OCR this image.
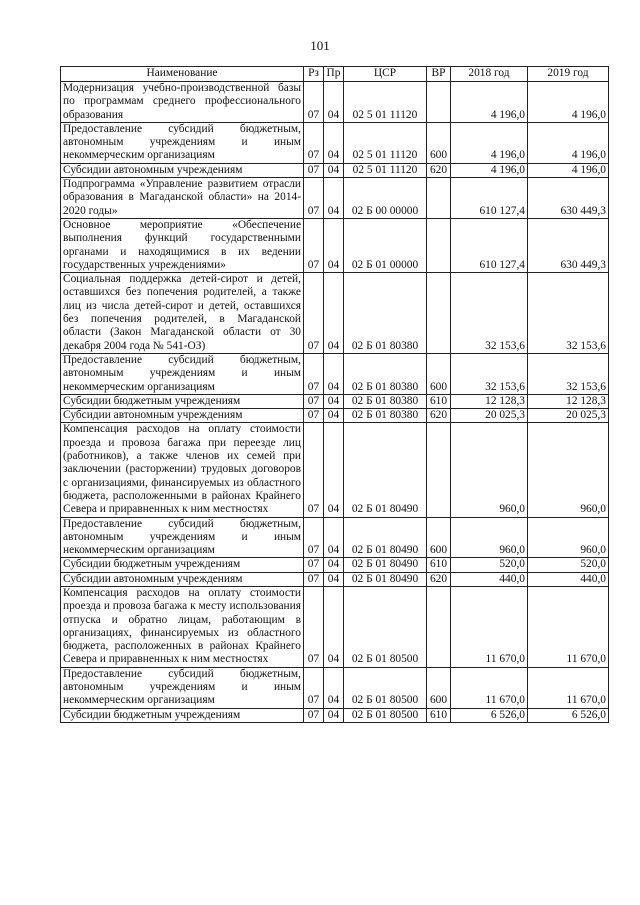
101
Наименование	Рз	Пр	ЦСР	ВР	2018 год	2019 год
Модернизация учебно-производственной базы по программам среднего профессионального образования	07	04	02 5 01 11120		4 196,0	4 196,0
Предоставление субсидий бюджетным, автономным учреждениям и иным некоммерческим организациям	07	04	02 5 01 11120	600	4 196,0	4 196,0
Субсидии автономным учреждениям	07	04	02 5 01 11120	620	4 196,0	4 196,0
Подпрограмма «Управление развитием отрасли образования в Магаданской области» на 2014-2020 годы»	07	04	02 Б 00 00000		610 127,4	630 449,3
Основное мероприятие «Обеспечение выполнения функций государственными органами и находящимися в их ведении государственных учреждениями»	07	04	02 Б 01 00000		610 127,4	630 449,3
Социальная поддержка детей-сирот и детей, оставшихся без попечения родителей, а также лиц из числа детей-сирот и детей, оставшихся без попечения родителей, в Магаданской области (Закон Магаданской области от 30 декабря 2004 года № 541-ОЗ)	07	04	02 Б 01 80380		32 153,6	32 153,6
Предоставление субсидий бюджетным, автономным учреждениям и иным некоммерческим организациям	07	04	02 Б 01 80380	600	32 153,6	32 153,6
Субсидии бюджетным учреждениям	07	04	02 Б 01 80380	610	12 128,3	12 128,3
Субсидии автономным учреждениям	07	04	02 Б 01 80380	620	20 025,3	20 025,3
Компенсация расходов на оплату стоимости проезда и провоза багажа при переезде лиц (работников), а также членов их семей при заключении (расторжении) трудовых договоров с организациями, финансируемых из областного бюджета, расположенными в районах Крайнего Севера и приравненных к ним местностях	07	04	02 Б 01 80490		960,0	960,0
Предоставление субсидий бюджетным, автономным учреждениям и иным некоммерческим организациям	07	04	02 Б 01 80490	600	960,0	960,0
Субсидии бюджетным учреждениям	07	04	02 Б 01 80490	610	520,0	520,0
Субсидии автономным учреждениям	07	04	02 Б 01 80490	620	440,0	440,0
Компенсация расходов на оплату стоимости проезда и провоза багажа к месту использования отпуска и обратно лицам, работающим в организациях, финансируемых из областного бюджета, расположенных в районах Крайнего Севера и приравненных к ним местностях	07	04	02 Б 01 80500		11 670,0	11 670,0
Предоставление субсидий бюджетным, автономным учреждениям и иным некоммерческим организациям	07	04	02 Б 01 80500	600	11 670,0	11 670,0
Субсидии бюджетным учреждениям	07	04	02 Б 01 80500	610	6 526,0	6 526,0
